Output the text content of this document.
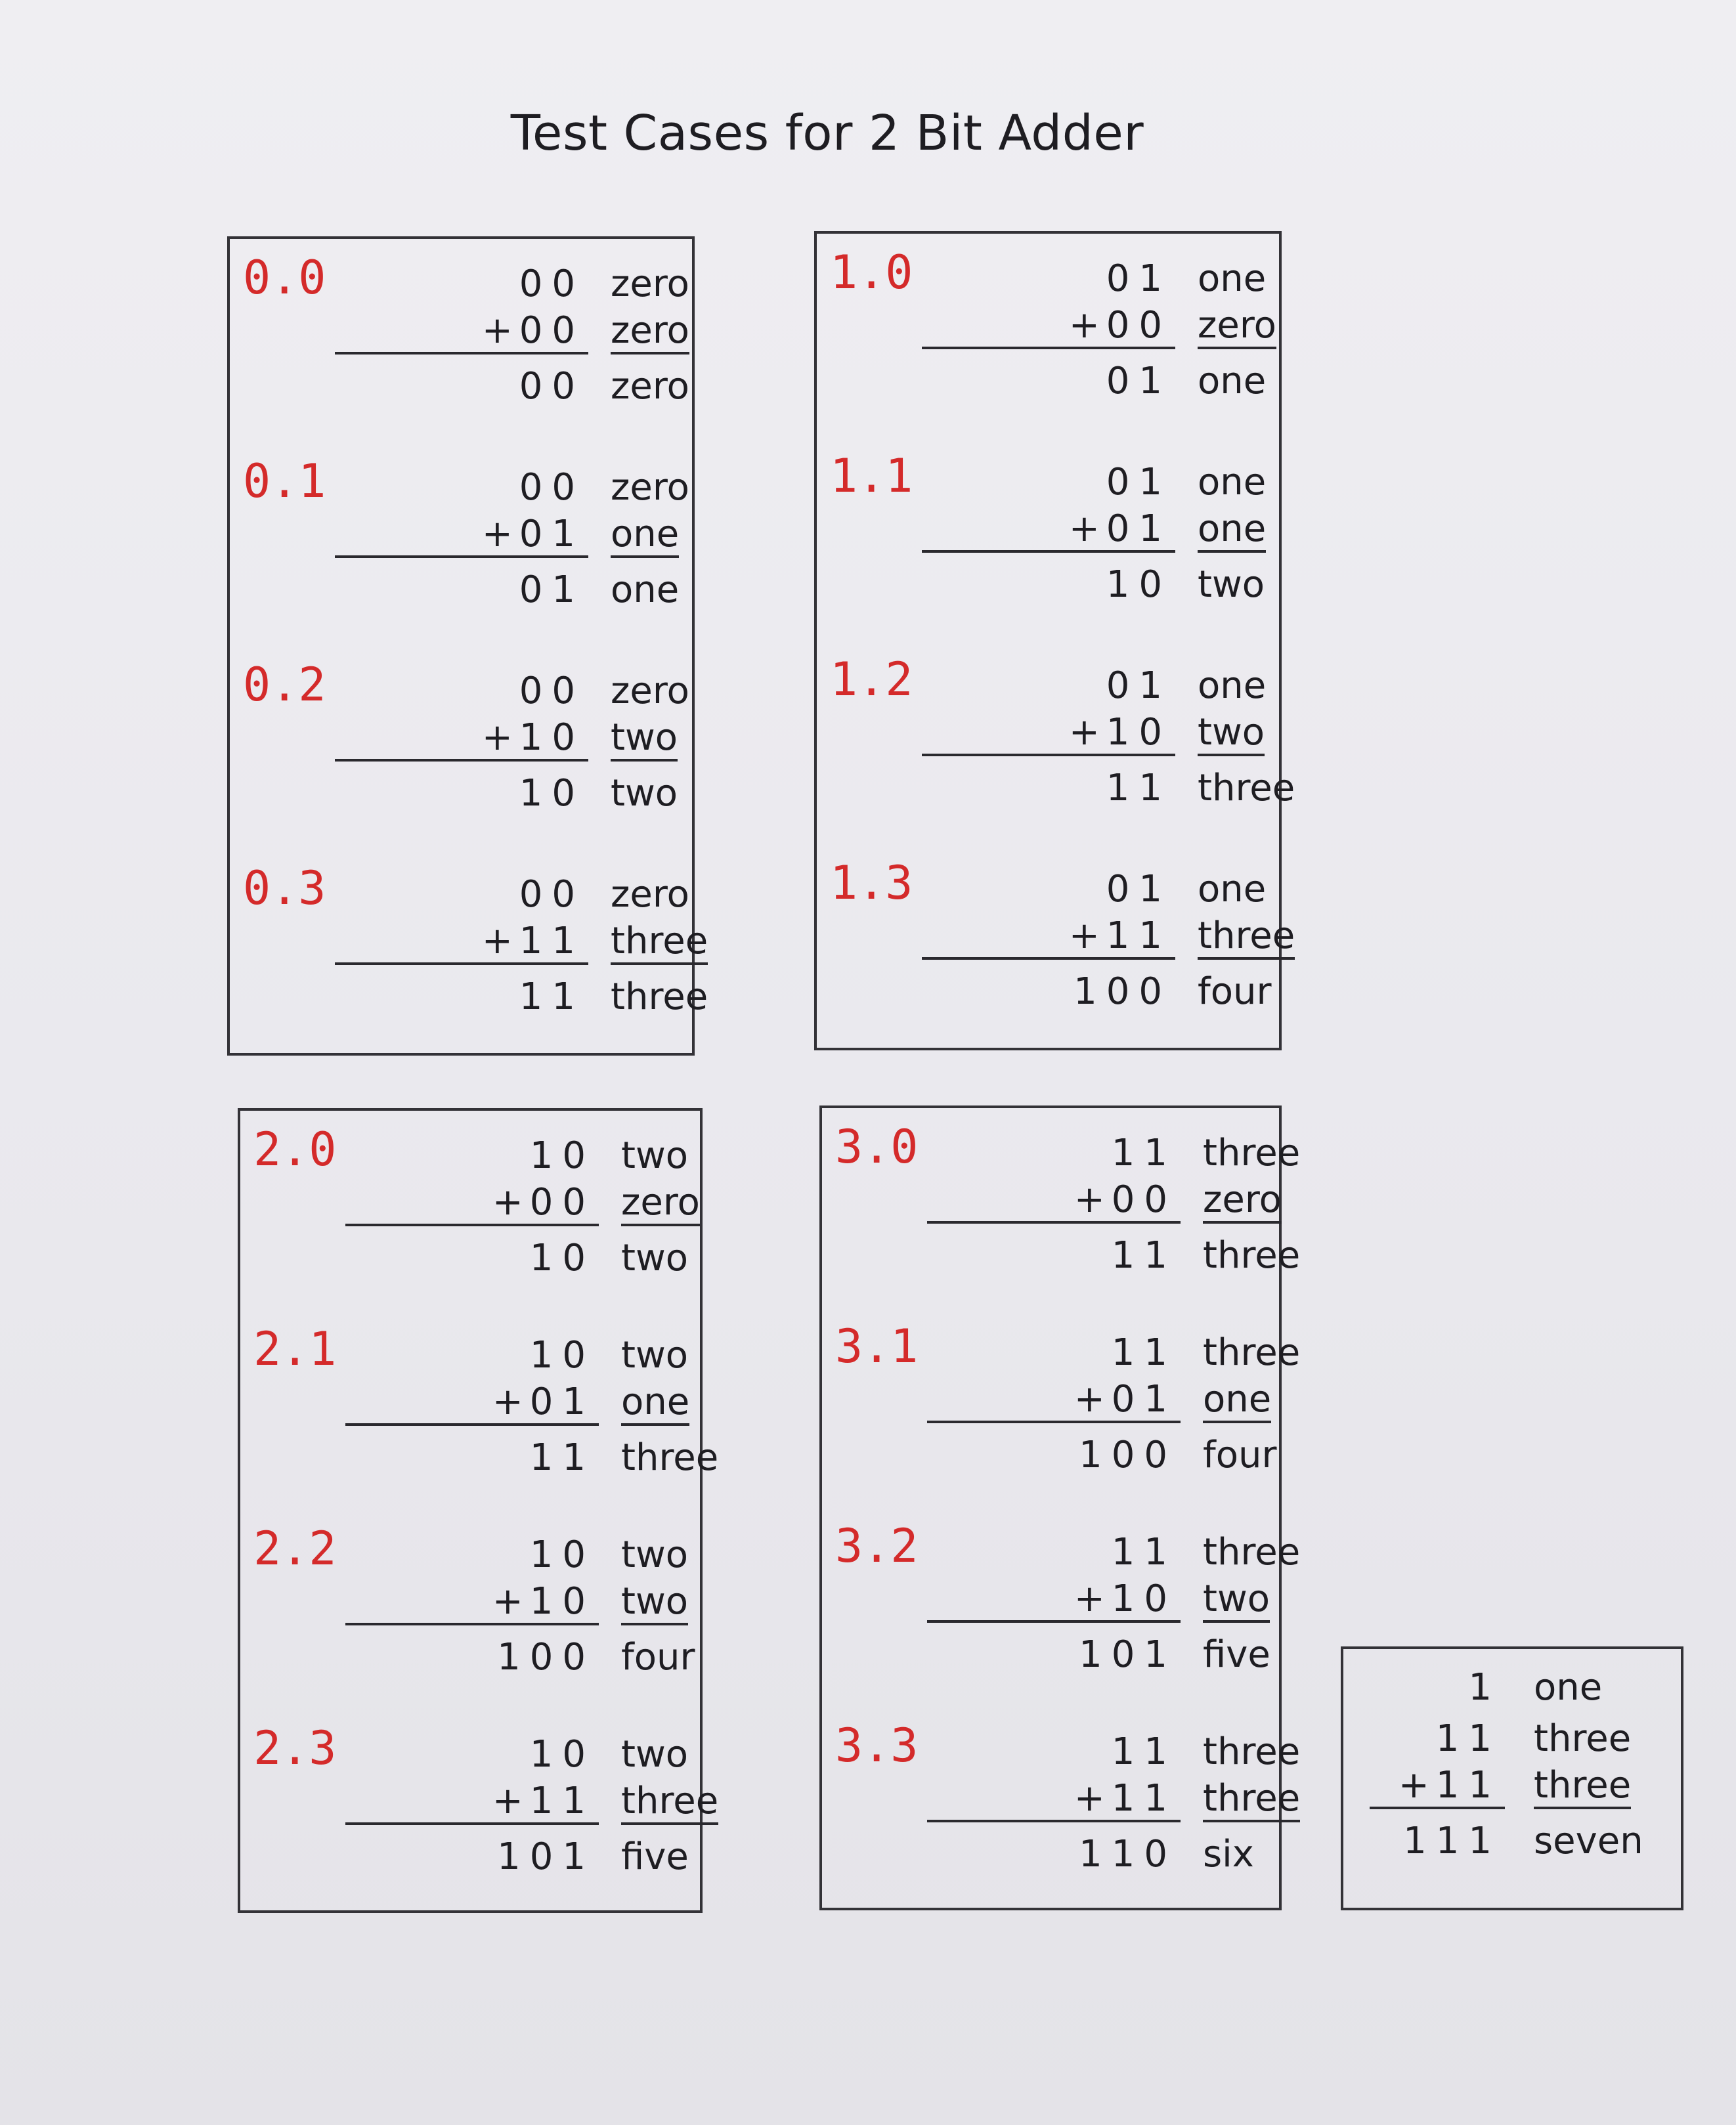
Test Cases for 2 Bit Adder
0.0	00 zero
+ 00 zero
00 zero
0.1	00 zero
+ 01 one
01 one
0.2	00 zero
+ 10 two
10 two
0.3	00 zero
+ 11 three
11 three
1.0	01 one
+ 00 zero
01 one
1.1	01 one
+ 01 one
10 two
1.2	01 one
+ 10 two
11 three
1.3	01 one
+ 11 three
100 four
2.0	10 two
+ 00 zero
10 two
2.1	10 two
+ 01 one
11 three
2.2	10 two
+ 10 two
100 four
2.3	10 two
+ 11 three
101 five
3.0	11 three
+ 00 zero
11 three
3.1	11 three
+ 01 one
100 four
3.2	11 three
+ 10 two
101 five
3.3	11 three
+ 11 three
110 six
1 one
11 three
+ 11 three
111 seven
